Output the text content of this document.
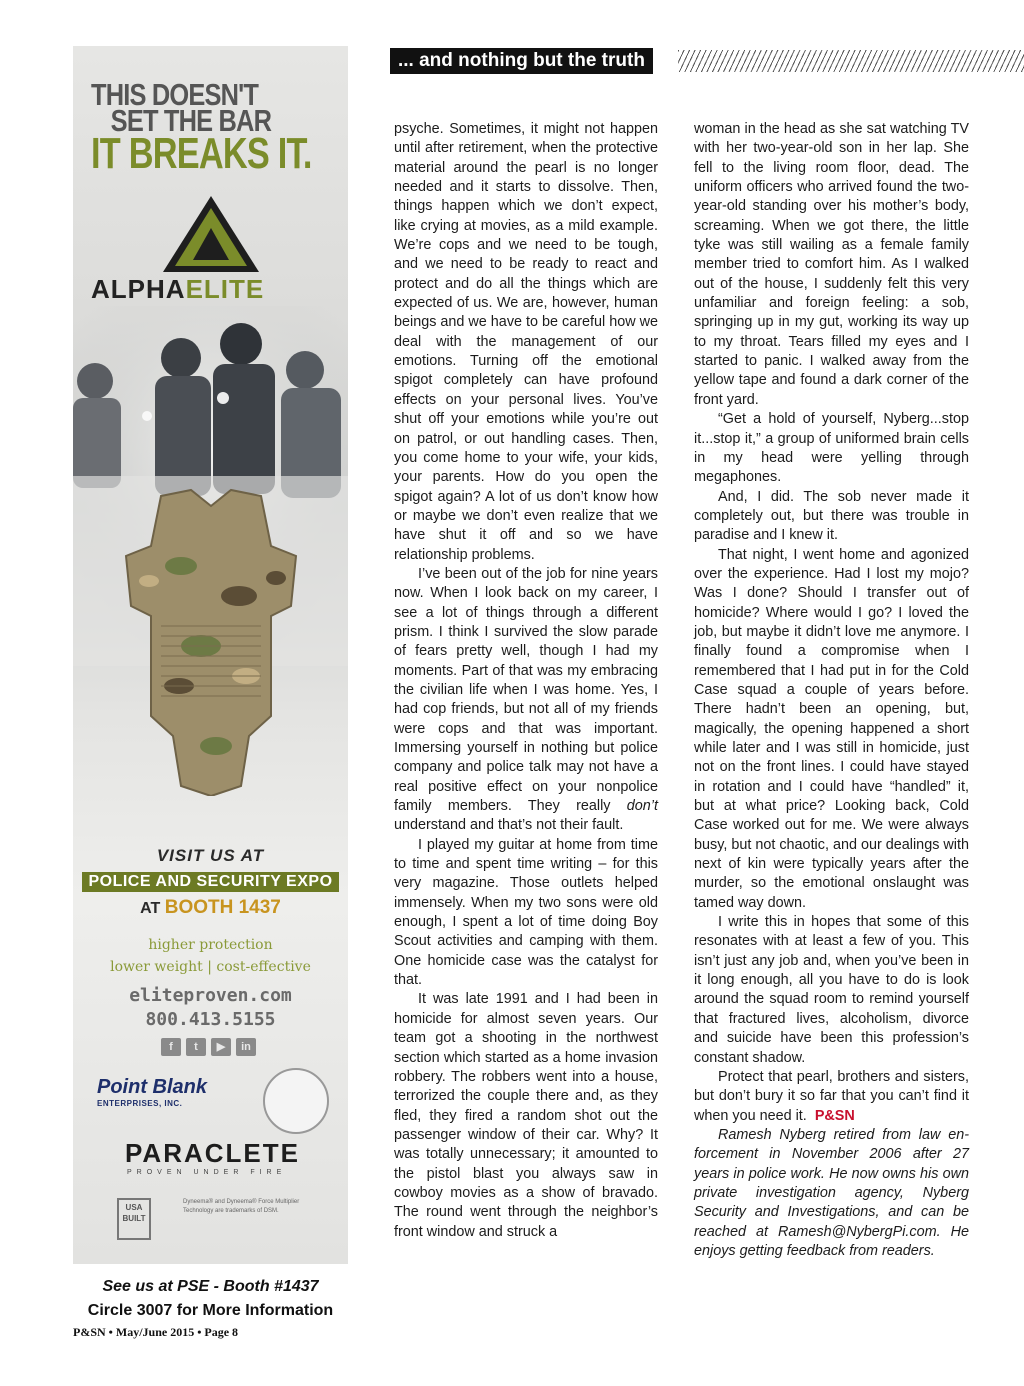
THIS DOESN'T
SET THE BAR
IT BREAKS IT.
ALPHAELITE
VISIT US AT
POLICE AND SECURITY EXPO
AT BOOTH 1437
higher protection
lower weight | cost-effective
eliteproven.com
800.413.5155
f	t	▶	in
Point Blank
ENTERPRISES, INC.
PARACLETE
PROVEN UNDER FIRE
USA BUILT
Dyneema® and Dyneema® Force Multiplier Technology are trademarks of DSM.
See us at PSE - Booth #1437
Circle 3007 for More Information
P&SN • May/June 2015 • Page 8
... and nothing but the truth

psyche. Sometimes, it might not happen until after retirement, when the protective material around the pearl is no longer needed and it starts to dissolve. Then, things happen which we don’t expect, like crying at movies, as a mild example. We’re cops and we need to be tough, and we need to be ready to react and protect and do all the things which are expected of us. We are, however, human beings and we have to be careful how we deal with the management of our emotions. Turning off the emotional spigot completely can have profound effects on your personal lives. You’ve shut off your emotions while you’re out on patrol, or out handling cases. Then, you come home to your wife, your kids, your parents. How do you open the spigot again? A lot of us don’t know how or maybe we don’t even realize that we have shut it off and so we have relationship problems.

I’ve been out of the job for nine years now. When I look back on my career, I see a lot of things through a different prism. I think I survived the slow parade of fears pretty well, though I had my moments. Part of that was my embracing the civilian life when I was home. Yes, I had cop friends, but not all of my friends were cops and that was important. Immersing yourself in nothing but police company and police talk may not have a real positive effect on your nonpolice family members. They really don’t understand and that’s not their fault.

I played my guitar at home from time to time and spent time writing – for this very magazine. Those outlets helped immensely. When my two sons were old enough, I spent a lot of time doing Boy Scout activities and camping with them. One homicide case was the catalyst for that.

It was late 1991 and I had been in homicide for almost seven years. Our team got a shooting in the northwest section which started as a home invasion robbery. The robbers went into a house, terrorized the couple there and, as they fled, they fired a random shot out the passenger window of their car. Why? It was totally unnecessary; it amounted to the pistol blast you always saw in cowboy movies as a show of bravado. The round went through the neighbor’s front window and struck a

woman in the head as she sat watching TV with her two-year-old son in her lap. She fell to the living room floor, dead. The uniform officers who arrived found the two-year-old standing over his mother’s body, screaming. When we got there, the little tyke was still wailing as a female family member tried to comfort him. As I walked out of the house, I suddenly felt this very unfamiliar and foreign feeling: a sob, springing up in my gut, working its way up to my throat. Tears filled my eyes and I started to panic. I walked away from the yellow tape and found a dark corner of the front yard.

“Get a hold of yourself, Nyberg...stop it...stop it,” a group of uniformed brain cells in my head were yelling through megaphones.

And, I did. The sob never made it completely out, but there was trouble in paradise and I knew it.

That night, I went home and agonized over the experience. Had I lost my mojo? Was I done? Should I transfer out of homicide? Where would I go? I loved the job, but maybe it didn’t love me anymore. I finally found a compromise when I remembered that I had put in for the Cold Case squad a couple of years before. There hadn’t been an opening, but, magically, the opening happened a short while later and I was still in homicide, just not on the front lines. I could have stayed in rotation and I could have “handled” it, but at what price? Looking back, Cold Case worked out for me. We were always busy, but not chaotic, and our dealings with next of kin were typically years after the murder, so the emotional onslaught was tamed way down.

I write this in hopes that some of this resonates with at least a few of you. This isn’t just any job and, when you’ve been in it long enough, all you have to do is look around the squad room to remind yourself that fractured lives, alcoholism, divorce and suicide have been this profession’s constant shadow.

Protect that pearl, brothers and sisters, but don’t bury it so far that you can’t find it when you need it. P&SN

Ramesh Nyberg retired from law enforcement in November 2006 after 27 years in police work. He now owns his own private investigation agency, Nyberg Security and Investigations, and can be reached at Ramesh@NybergPi.com. He enjoys getting feedback from readers.
